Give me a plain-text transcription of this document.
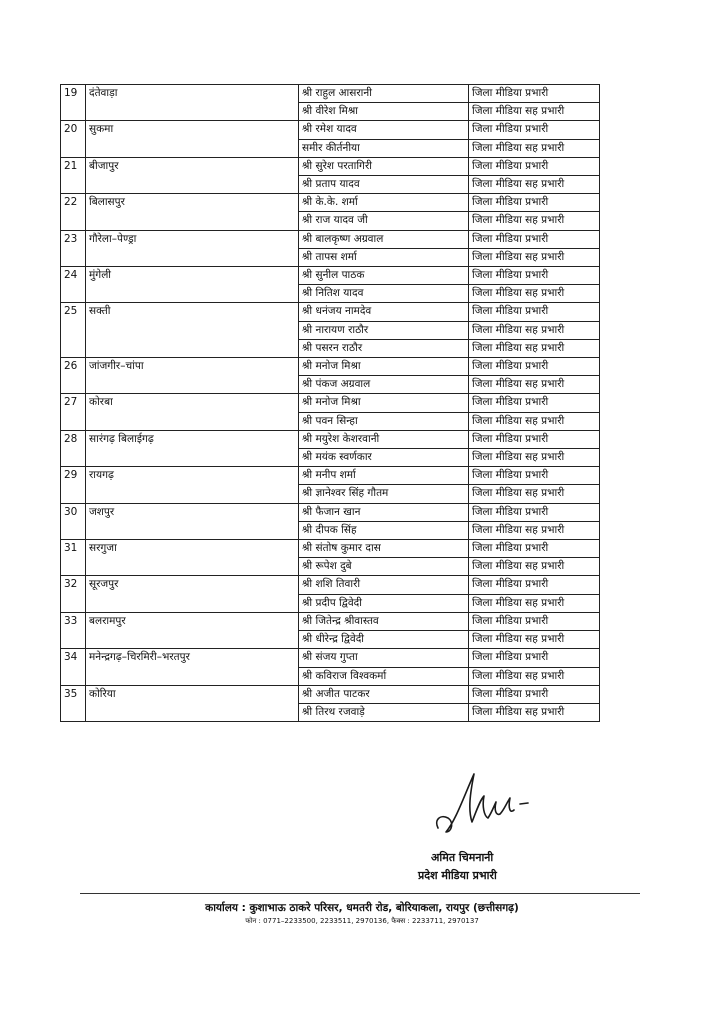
19	दंतेवाड़ा	श्री राहुल आसरानी	जिला मीडिया प्रभारी
		श्री वीरेश मिश्रा	जिला मीडिया सह प्रभारी
20	सुकमा	श्री रमेश यादव	जिला मीडिया प्रभारी
		समीर कीर्तनीया	जिला मीडिया सह प्रभारी
21	बीजापुर	श्री सुरेश परतागिरी	जिला मीडिया प्रभारी
		श्री प्रताप यादव	जिला मीडिया सह प्रभारी
22	बिलासपुर	श्री के.के. शर्मा	जिला मीडिया प्रभारी
		श्री राज यादव जी	जिला मीडिया सह प्रभारी
23	गौरेला–पेण्ड्रा	श्री बालकृष्ण अग्रवाल	जिला मीडिया प्रभारी
		श्री तापस शर्मा	जिला मीडिया सह प्रभारी
24	मुंगेली	श्री सुनील पाठक	जिला मीडिया प्रभारी
		श्री नितिश यादव	जिला मीडिया सह प्रभारी
25	सक्ती	श्री धनंजय नामदेव	जिला मीडिया प्रभारी
		श्री नारायण राठौर	जिला मीडिया सह प्रभारी
		श्री पसरन राठौर	जिला मीडिया सह प्रभारी
26	जांजगीर–चांपा	श्री मनोज मिश्रा	जिला मीडिया प्रभारी
		श्री पंकज अग्रवाल	जिला मीडिया सह प्रभारी
27	कोरबा	श्री मनोज मिश्रा	जिला मीडिया प्रभारी
		श्री पवन सिन्हा	जिला मीडिया सह प्रभारी
28	सारंगढ़ बिलाईगढ़	श्री मयुरेश केशरवानी	जिला मीडिया प्रभारी
		श्री मयंक स्वर्णकार	जिला मीडिया सह प्रभारी
29	रायगढ़	श्री मनीप शर्मा	जिला मीडिया प्रभारी
		श्री ज्ञानेश्वर सिंह गौतम	जिला मीडिया सह प्रभारी
30	जशपुर	श्री फैजान खान	जिला मीडिया प्रभारी
		श्री दीपक सिंह	जिला मीडिया सह प्रभारी
31	सरगुजा	श्री संतोष कुमार दास	जिला मीडिया प्रभारी
		श्री रूपेश दुबे	जिला मीडिया सह प्रभारी
32	सूरजपुर	श्री शशि तिवारी	जिला मीडिया प्रभारी
		श्री प्रदीप द्विवेदी	जिला मीडिया सह प्रभारी
33	बलरामपुर	श्री जितेन्द्र श्रीवास्तव	जिला मीडिया प्रभारी
		श्री धीरेन्द्र द्विवेदी	जिला मीडिया सह प्रभारी
34	मनेन्द्रगढ़–चिरमिरी–भरतपुर	श्री संजय गुप्ता	जिला मीडिया प्रभारी
		श्री कविराज विश्वकर्मा	जिला मीडिया सह प्रभारी
35	कोरिया	श्री अजीत पाटकर	जिला मीडिया प्रभारी
		श्री तिरथ रजवाड़े	जिला मीडिया सह प्रभारी
अमित चिमनानी
प्रदेश मीडिया प्रभारी
कार्यालय : कुशाभाऊ ठाकरे परिसर, धमतरी रोड, बोरियाकला, रायपुर (छत्तीसगढ़)
फोन : 0771–2233500, 2233511, 2970136, फैक्स : 2233711, 2970137
